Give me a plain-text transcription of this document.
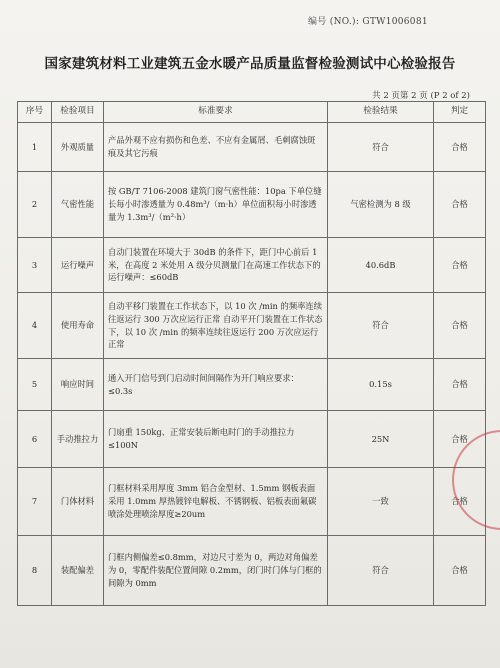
编号 (NO.): GTW1006081
国家建筑材料工业建筑五金水暖产品质量监督检验测试中心检验报告
共 2 页第 2 页 (P 2 of 2)
序号	检验项目	标准要求	检验结果	判定
1	外观质量	产品外观不应有损伤和色差、不应有金属屑、毛刺腐蚀斑痕及其它污痕	符合	合格
2	气密性能	按 GB/T 7106-2008 建筑门窗气密性能：10pa 下单位缝长每小时渗透量为 0.48m³/（m·h）单位面积每小时渗透量为 1.3m³/（m²·h）	气密检测为 8 级	合格
3	运行噪声	自动门装置在环境大于 30dB 的条件下，距门中心前后 1 米，在高度 2 米处用 A 级分贝测量门在高速工作状态下的运行噪声：≤60dB	40.6dB	合格
4	使用寿命	自动平移门装置在工作状态下，以 10 次 /min 的频率连续往返运行 300 万次应运行正常 自动平开门装置在工作状态下，以 10 次 /min 的频率连续往返运行 200 万次应运行正常	符合	合格
5	响应时间	通入开门信号到门启动时间间隔作为开门响应要求：≤0.3s	0.15s	合格
6	手动推拉力	门扇重 150kg、正常安装后断电时门的手动推拉力≤100N	25N	合格
7	门体材料	门框材料采用厚度 3mm 铝合金型材、1.5mm 钢板表面采用 1.0mm 厚热镀锌电解板、不锈钢板、铝板表面氟碳喷涂处理喷涂厚度≥20um	一致	合格
8	装配偏差	门框内侧偏差≤0.8mm，对边尺寸差为 0，两边对角偏差为 0，零配件装配位置间隙 0.2mm，闭门时门体与门框的间隙为 0mm	符合	合格
